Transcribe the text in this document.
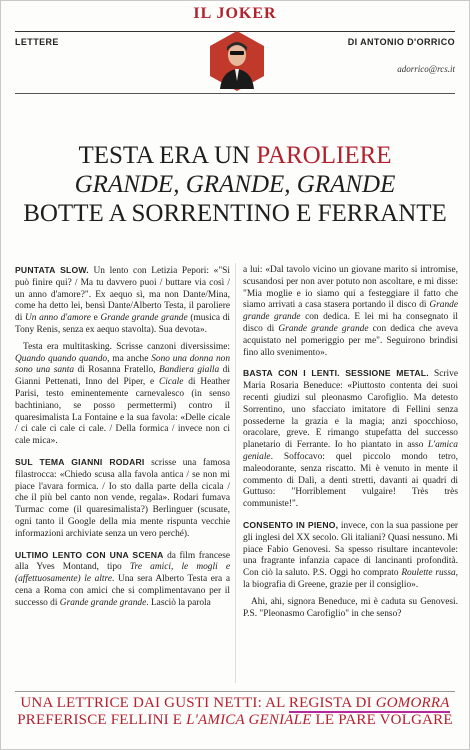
IL JOKER
LETTERE	DI ANTONIO D'ORRICO
adorrico@rcs.it
TESTA ERA UN PAROLIERE
GRANDE, GRANDE, GRANDE
BOTTE A SORRENTINO E FERRANTE

PUNTATA SLOW. Un lento con Letizia Pepori: «"Si può finire qui? / Ma tu davvero puoi / buttare via così / un anno d'amore?". Ex aequo sì, ma non Dante/Mina, come ha detto lei, bensì Dante/Alberto Testa, il paroliere di Un anno d'amore e Grande grande grande (musica di Tony Renis, senza ex aequo stavolta). Sua devota».

Testa era multitasking. Scrisse canzoni diversissime: Quando quando quando, ma anche Sono una donna non sono una santa di Rosanna Fratello, Bandiera gialla di Gianni Pettenati, Inno del Piper, e Cicale di Heather Parisi, testo eminentemente carnevalesco (in senso bachtiniano, se posso permettermi) contro il quaresimalista La Fontaine e la sua favola: «Delle cicale / ci cale ci cale ci cale. / Della formica / invece non ci cale mica».

SUL TEMA GIANNI RODARI scrisse una famosa filastrocca: «Chiedo scusa alla favola antica / se non mi piace l'avara formica. / Io sto dalla parte della cicala / che il più bel canto non vende, regala». Rodari fumava Turmac come (il quaresimalista?) Berlinguer (scusate, ogni tanto il Google della mia mente rispunta vecchie informazioni archiviate senza un vero perché).

ULTIMO LENTO CON UNA SCENA da film francese alla Yves Montand, tipo Tre amici, le mogli e (affettuosamente) le altre. Una sera Alberto Testa era a cena a Roma con amici che si complimentavano per il successo di Grande grande grande. Lasciò la parola

a lui: «Dal tavolo vicino un giovane marito si intromise, scusandosi per non aver potuto non ascoltare, e mi disse: "Mia moglie e io siamo qui a festeggiare il fatto che siamo arrivati a casa stasera portando il disco di Grande grande grande con dedica. E lei mi ha consegnato il disco di Grande grande grande con dedica che aveva acquistato nel pomeriggio per me". Seguirono brindisi fino allo svenimento».

BASTA CON I LENTI. SESSIONE METAL. Scrive Maria Rosaria Beneduce: «Piuttosto contenta dei suoi recenti giudizi sul pleonasmo Carofiglio. Ma detesto Sorrentino, uno sfacciato imitatore di Fellini senza possederne la grazia e la magia; anzi spocchioso, oracolare, greve. E rimango stupefatta del successo planetario di Ferrante. Io ho piantato in asso L'amica geniale. Soffocavo: quel piccolo mondo tetro, maleodorante, senza riscatto. Mi è venuto in mente il commento di Dalì, a denti stretti, davanti ai quadri di Guttuso: "Horriblement vulgaire! Très très communiste!".

CONSENTO IN PIENO, invece, con la sua passione per gli inglesi del XX secolo. Gli italiani? Quasi nessuno. Mi piace Fabio Genovesi. Sa spesso risultare incantevole: una fragrante infanzia capace di lancinanti profondità. Con ciò la saluto. P.S. Oggi ho comprato Roulette russa, la biografia di Greene, grazie per il consiglio».

Ahi, ahi, signora Beneduce, mi è caduta su Genovesi. P.S. "Pleonasmo Carofiglio" in che senso?

UNA LETTRICE DAI GUSTI NETTI: AL REGISTA DI GOMORRA
PREFERISCE FELLINI E L'AMICA GENIALE LE PARE VOLGARE
